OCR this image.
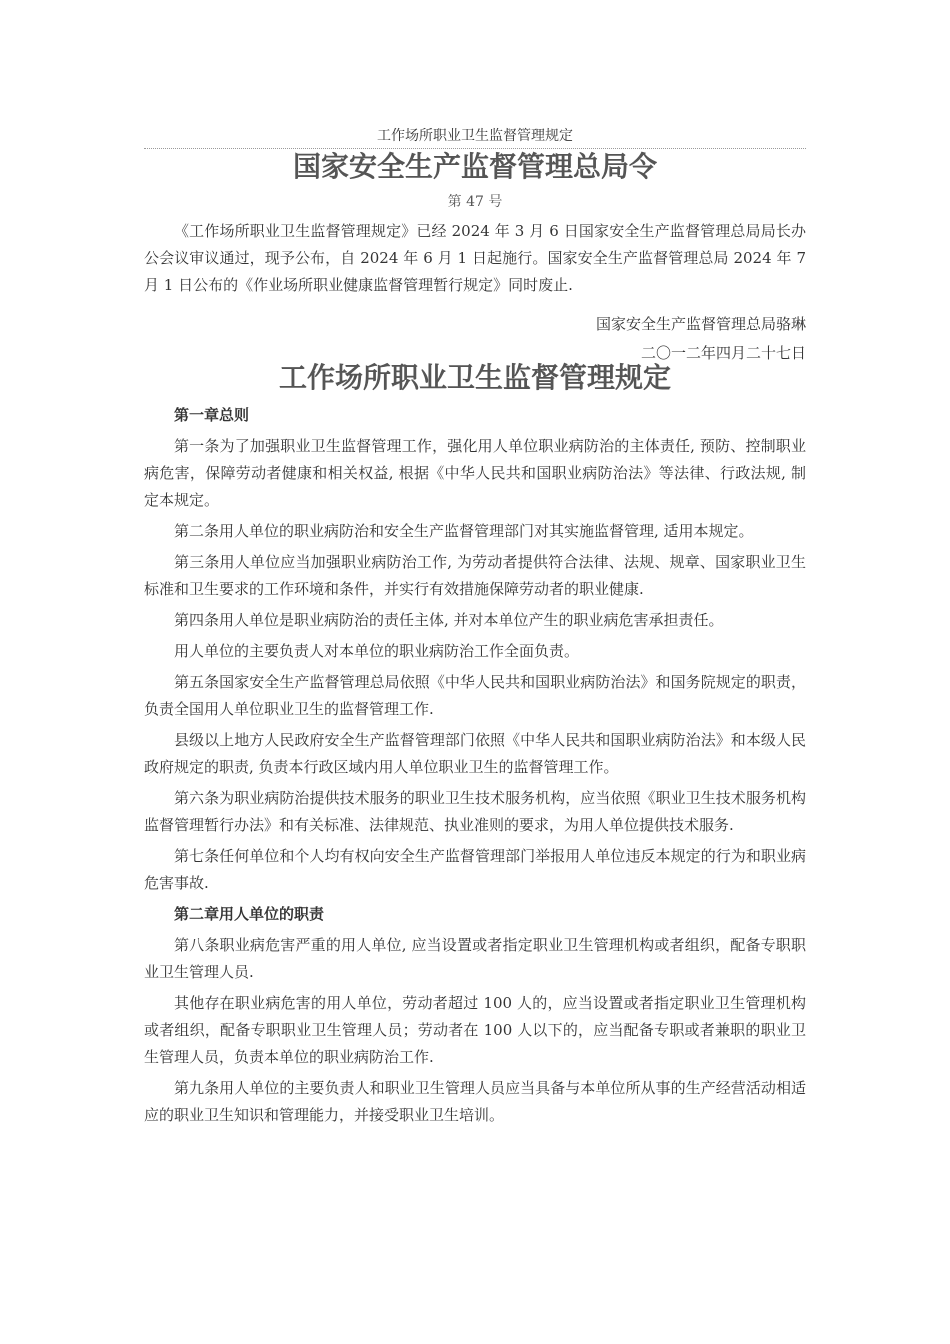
工作场所职业卫生监督管理规定
国家安全生产监督管理总局令
第 47 号

《工作场所职业卫生监督管理规定》已经 2024 年 3 月 6 日国家安全生产监督管理总局局长办公会议审议通过，现予公布，自 2024 年 6 月 1 日起施行。国家安全生产监督管理总局 2024 年 7 月 1 日公布的《作业场所职业健康监督管理暂行规定》同时废止.

国家安全生产监督管理总局骆琳
二〇一二年四月二十七日
工作场所职业卫生监督管理规定

第一章总则

第一条为了加强职业卫生监督管理工作，强化用人单位职业病防治的主体责任, 预防、控制职业病危害，保障劳动者健康和相关权益, 根据《中华人民共和国职业病防治法》等法律、行政法规, 制定本规定。

第二条用人单位的职业病防治和安全生产监督管理部门对其实施监督管理, 适用本规定。

第三条用人单位应当加强职业病防治工作, 为劳动者提供符合法律、法规、规章、国家职业卫生标准和卫生要求的工作环境和条件，并实行有效措施保障劳动者的职业健康.

第四条用人单位是职业病防治的责任主体, 并对本单位产生的职业病危害承担责任。

用人单位的主要负责人对本单位的职业病防治工作全面负责。

第五条国家安全生产监督管理总局依照《中华人民共和国职业病防治法》和国务院规定的职责，负责全国用人单位职业卫生的监督管理工作.

县级以上地方人民政府安全生产监督管理部门依照《中华人民共和国职业病防治法》和本级人民政府规定的职责, 负责本行政区域内用人单位职业卫生的监督管理工作。

第六条为职业病防治提供技术服务的职业卫生技术服务机构，应当依照《职业卫生技术服务机构监督管理暂行办法》和有关标准、法律规范、执业准则的要求，为用人单位提供技术服务.

第七条任何单位和个人均有权向安全生产监督管理部门举报用人单位违反本规定的行为和职业病危害事故.

第二章用人单位的职责

第八条职业病危害严重的用人单位, 应当设置或者指定职业卫生管理机构或者组织，配备专职职业卫生管理人员.

其他存在职业病危害的用人单位，劳动者超过 100 人的，应当设置或者指定职业卫生管理机构或者组织，配备专职职业卫生管理人员；劳动者在 100 人以下的，应当配备专职或者兼职的职业卫生管理人员，负责本单位的职业病防治工作.

第九条用人单位的主要负责人和职业卫生管理人员应当具备与本单位所从事的生产经营活动相适应的职业卫生知识和管理能力，并接受职业卫生培训。
